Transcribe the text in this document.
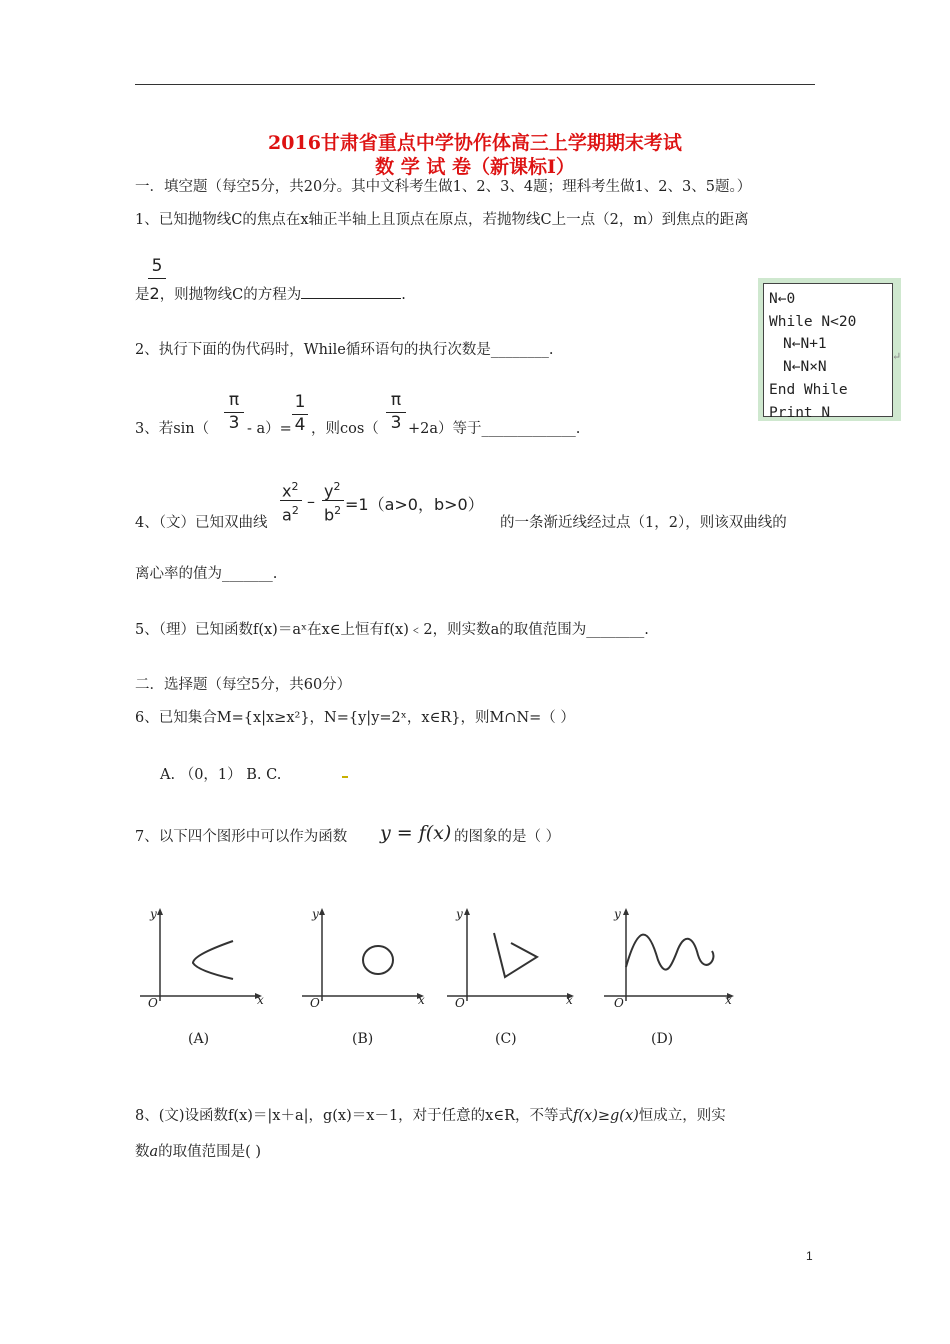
2016甘肃省重点中学协作体高三上学期期末考试
数 学 试 卷（新课标Ⅰ）
一．填空题（每空5分，共20分。其中文科考生做1、2、3、4题；理科考生做1、2、3、5题。）
1、已知抛物线C的焦点在x轴正半轴上且顶点在原点，若抛物线C上一点（2，m）到焦点的距离
5
是2，则抛物线C的方程为	.	N←0
While N<20
N←N+1
N←N×N
End While
Print N
↵
2、执行下面的伪代码时，While循环语句的执行次数是________.
π
3
1
4
π
3
3、若sin（	- a）= ，则cos（ +2a）等于_____________.
$x^2$
$a^2$ –
$y^2$
$b^2 =1(a>0$，b>0）
4、（文）已知双曲线	的一条渐近线经过点（1，2），则该双曲线的
离心率的值为_______.
5、（理）已知函数f(x)＝aˣ在x∈上恒有f(x)﹤2，则实数a的取值范围为________.
二．选择题（每空5分，共60分）
6、已知集合M={x|x≥x²}，N={y|y=2ˣ，x∈R}，则M∩N=（ ）
A. （0，1） B. C.
7、以下四个图形中可以作为函数 y = f(x) 的图象的是（ ）
y
x
O
y
x
O
y
x
O
y
x
O
(A)	(B)	(C)	(D)
8、(文)设函数f(x)＝|x＋a|，g(x)＝x－1，对于任意的x∈R，不等式f(x)≥g(x)恒成立，则实
数a的取值范围是( )
1
